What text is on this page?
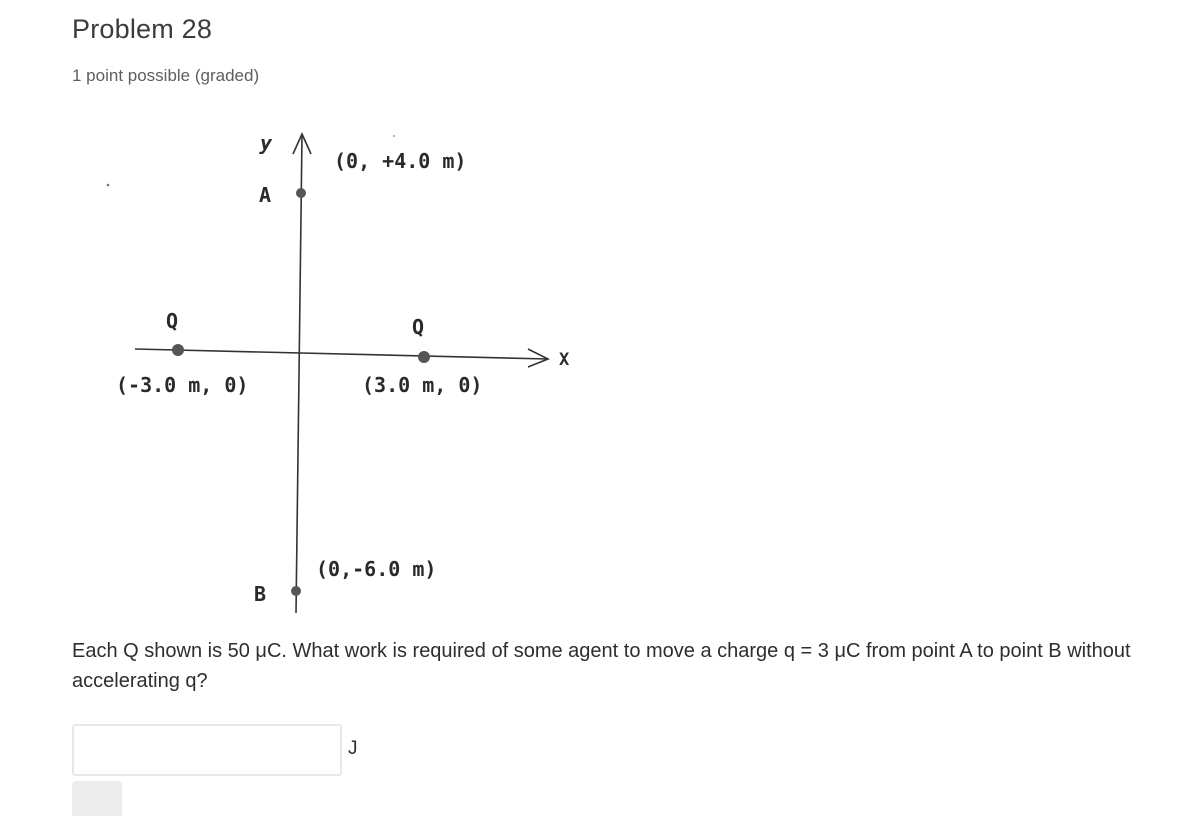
Problem 28
1 point possible (graded)
y
X
A
(0, +4.0 m)
Q
(-3.0 m, 0)
Q
(3.0 m, 0)
B
(0,-6.0 m)

Each Q shown is 50 μC. What work is required of some agent to move a charge q = 3 μC from point A to point B without accelerating q?

J
